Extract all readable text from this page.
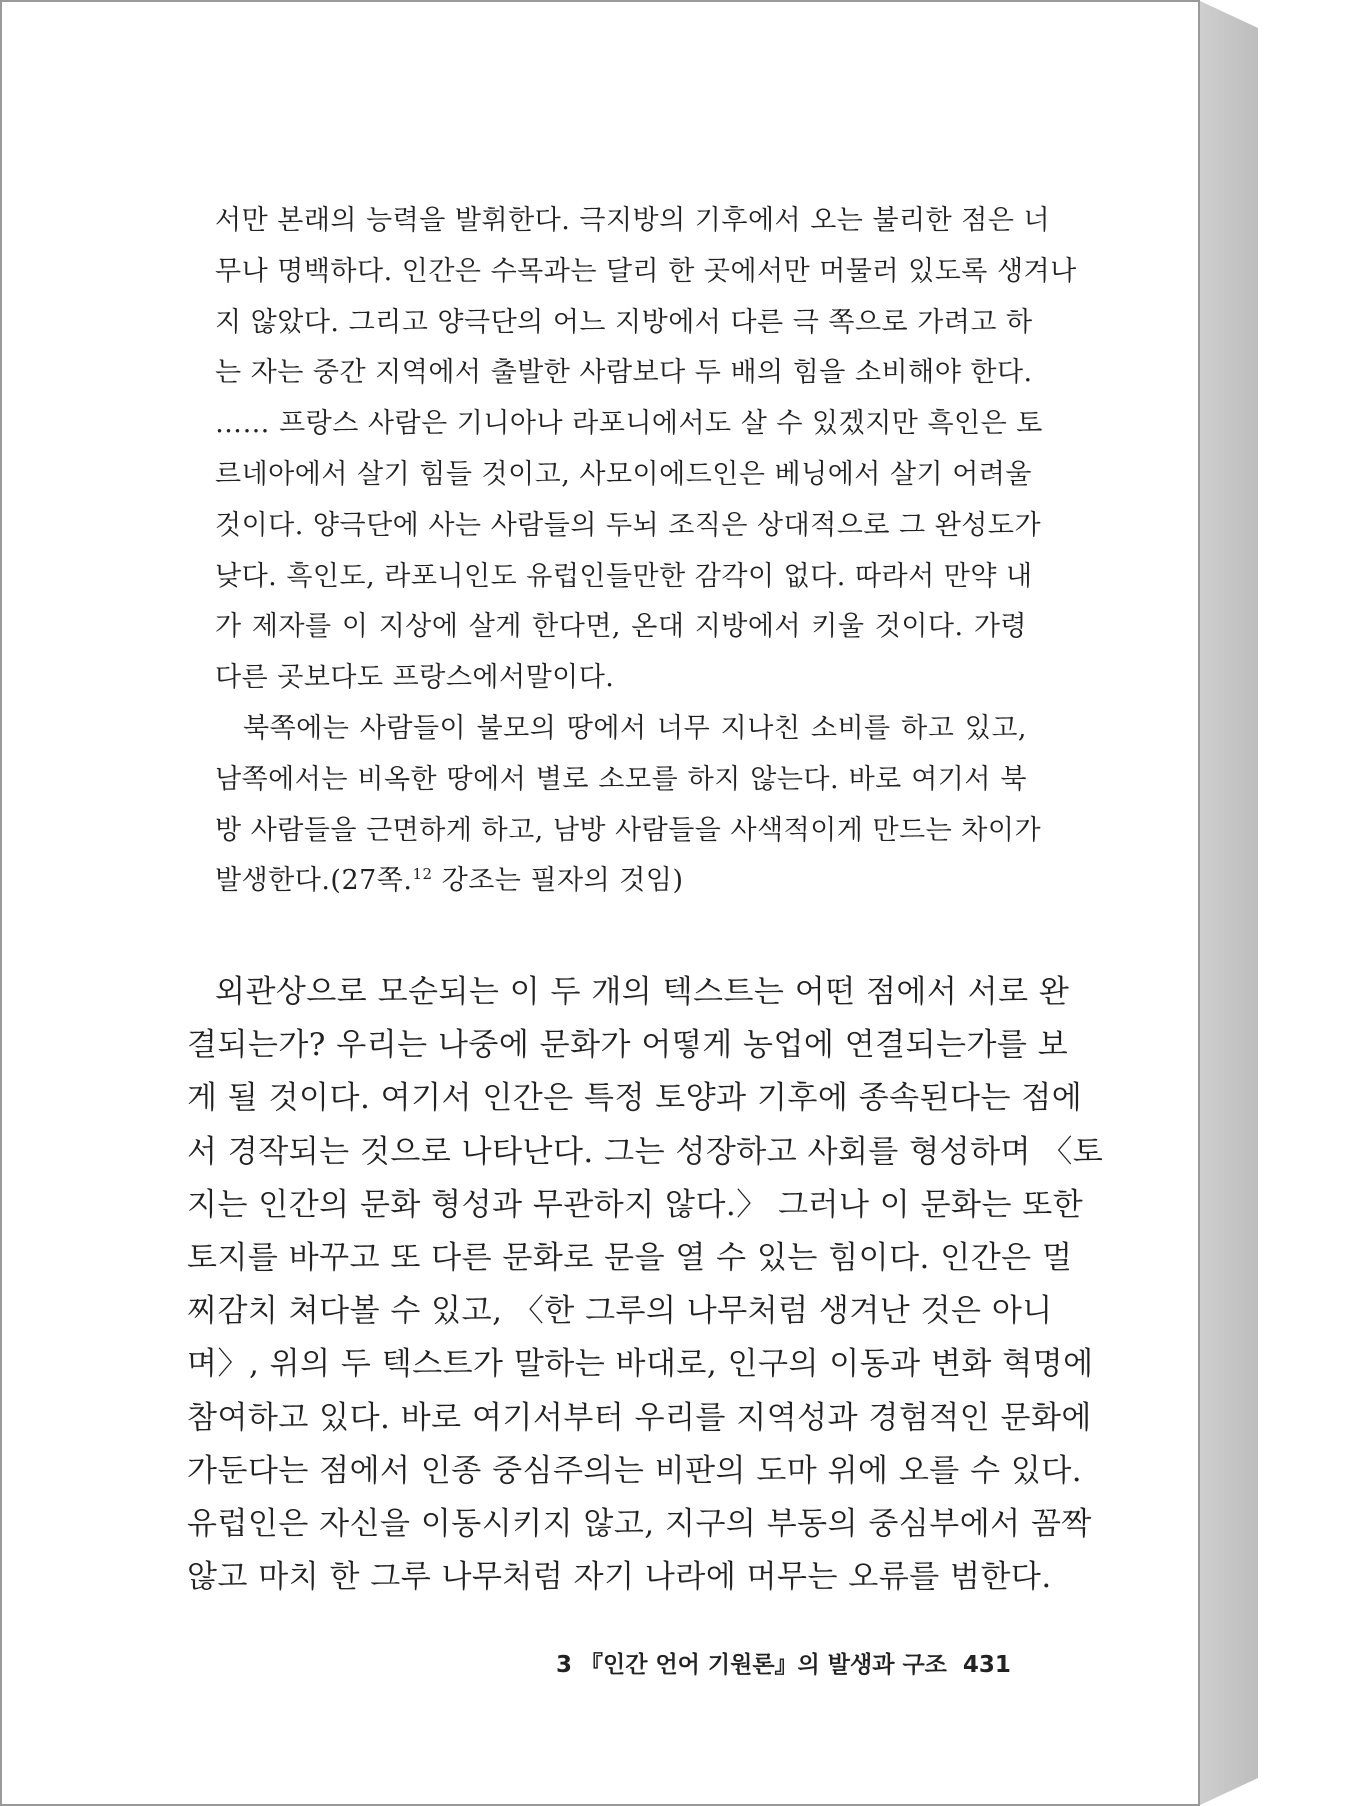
서만 본래의 능력을 발휘한다. 극지방의 기후에서 오는 불리한 점은 너
무나 명백하다. 인간은 수목과는 달리 한 곳에서만 머물러 있도록 생겨나
지 않았다. 그리고 양극단의 어느 지방에서 다른 극 쪽으로 가려고 하
는 자는 중간 지역에서 출발한 사람보다 두 배의 힘을 소비해야 한다.
…… 프랑스 사람은 기니아나 라포니에서도 살 수 있겠지만 흑인은 토
르네아에서 살기 힘들 것이고, 사모이에드인은 베닝에서 살기 어려울
것이다. 양극단에 사는 사람들의 두뇌 조직은 상대적으로 그 완성도가
낮다. 흑인도, 라포니인도 유럽인들만한 감각이 없다. 따라서 만약 내
가 제자를 이 지상에 살게 한다면, 온대 지방에서 키울 것이다. 가령
다른 곳보다도 프랑스에서말이다.
북쪽에는 사람들이 불모의 땅에서 너무 지나친 소비를 하고 있고,
남쪽에서는 비옥한 땅에서 별로 소모를 하지 않는다. 바로 여기서 북
방 사람들을 근면하게 하고, 남방 사람들을 사색적이게 만드는 차이가
발생한다.(27쪽.$^{12}$ 강조는 필자의 것임)
외관상으로 모순되는 이 두 개의 텍스트는 어떤 점에서 서로 완
결되는가? 우리는 나중에 문화가 어떻게 농업에 연결되는가를 보
게 될 것이다. 여기서 인간은 특정 토양과 기후에 종속된다는 점에
서 경작되는 것으로 나타난다. 그는 성장하고 사회를 형성하며 〈토
지는 인간의 문화 형성과 무관하지 않다.〉 그러나 이 문화는 또한
토지를 바꾸고 또 다른 문화로 문을 열 수 있는 힘이다. 인간은 멀
찌감치 쳐다볼 수 있고, 〈한 그루의 나무처럼 생겨난 것은 아니
며〉, 위의 두 텍스트가 말하는 바대로, 인구의 이동과 변화 혁명에
참여하고 있다. 바로 여기서부터 우리를 지역성과 경험적인 문화에
가둔다는 점에서 인종 중심주의는 비판의 도마 위에 오를 수 있다.
유럽인은 자신을 이동시키지 않고, 지구의 부동의 중심부에서 꼼짝
않고 마치 한 그루 나무처럼 자기 나라에 머무는 오류를 범한다.
3 『인간 언어 기원론』의 발생과 구조 431
